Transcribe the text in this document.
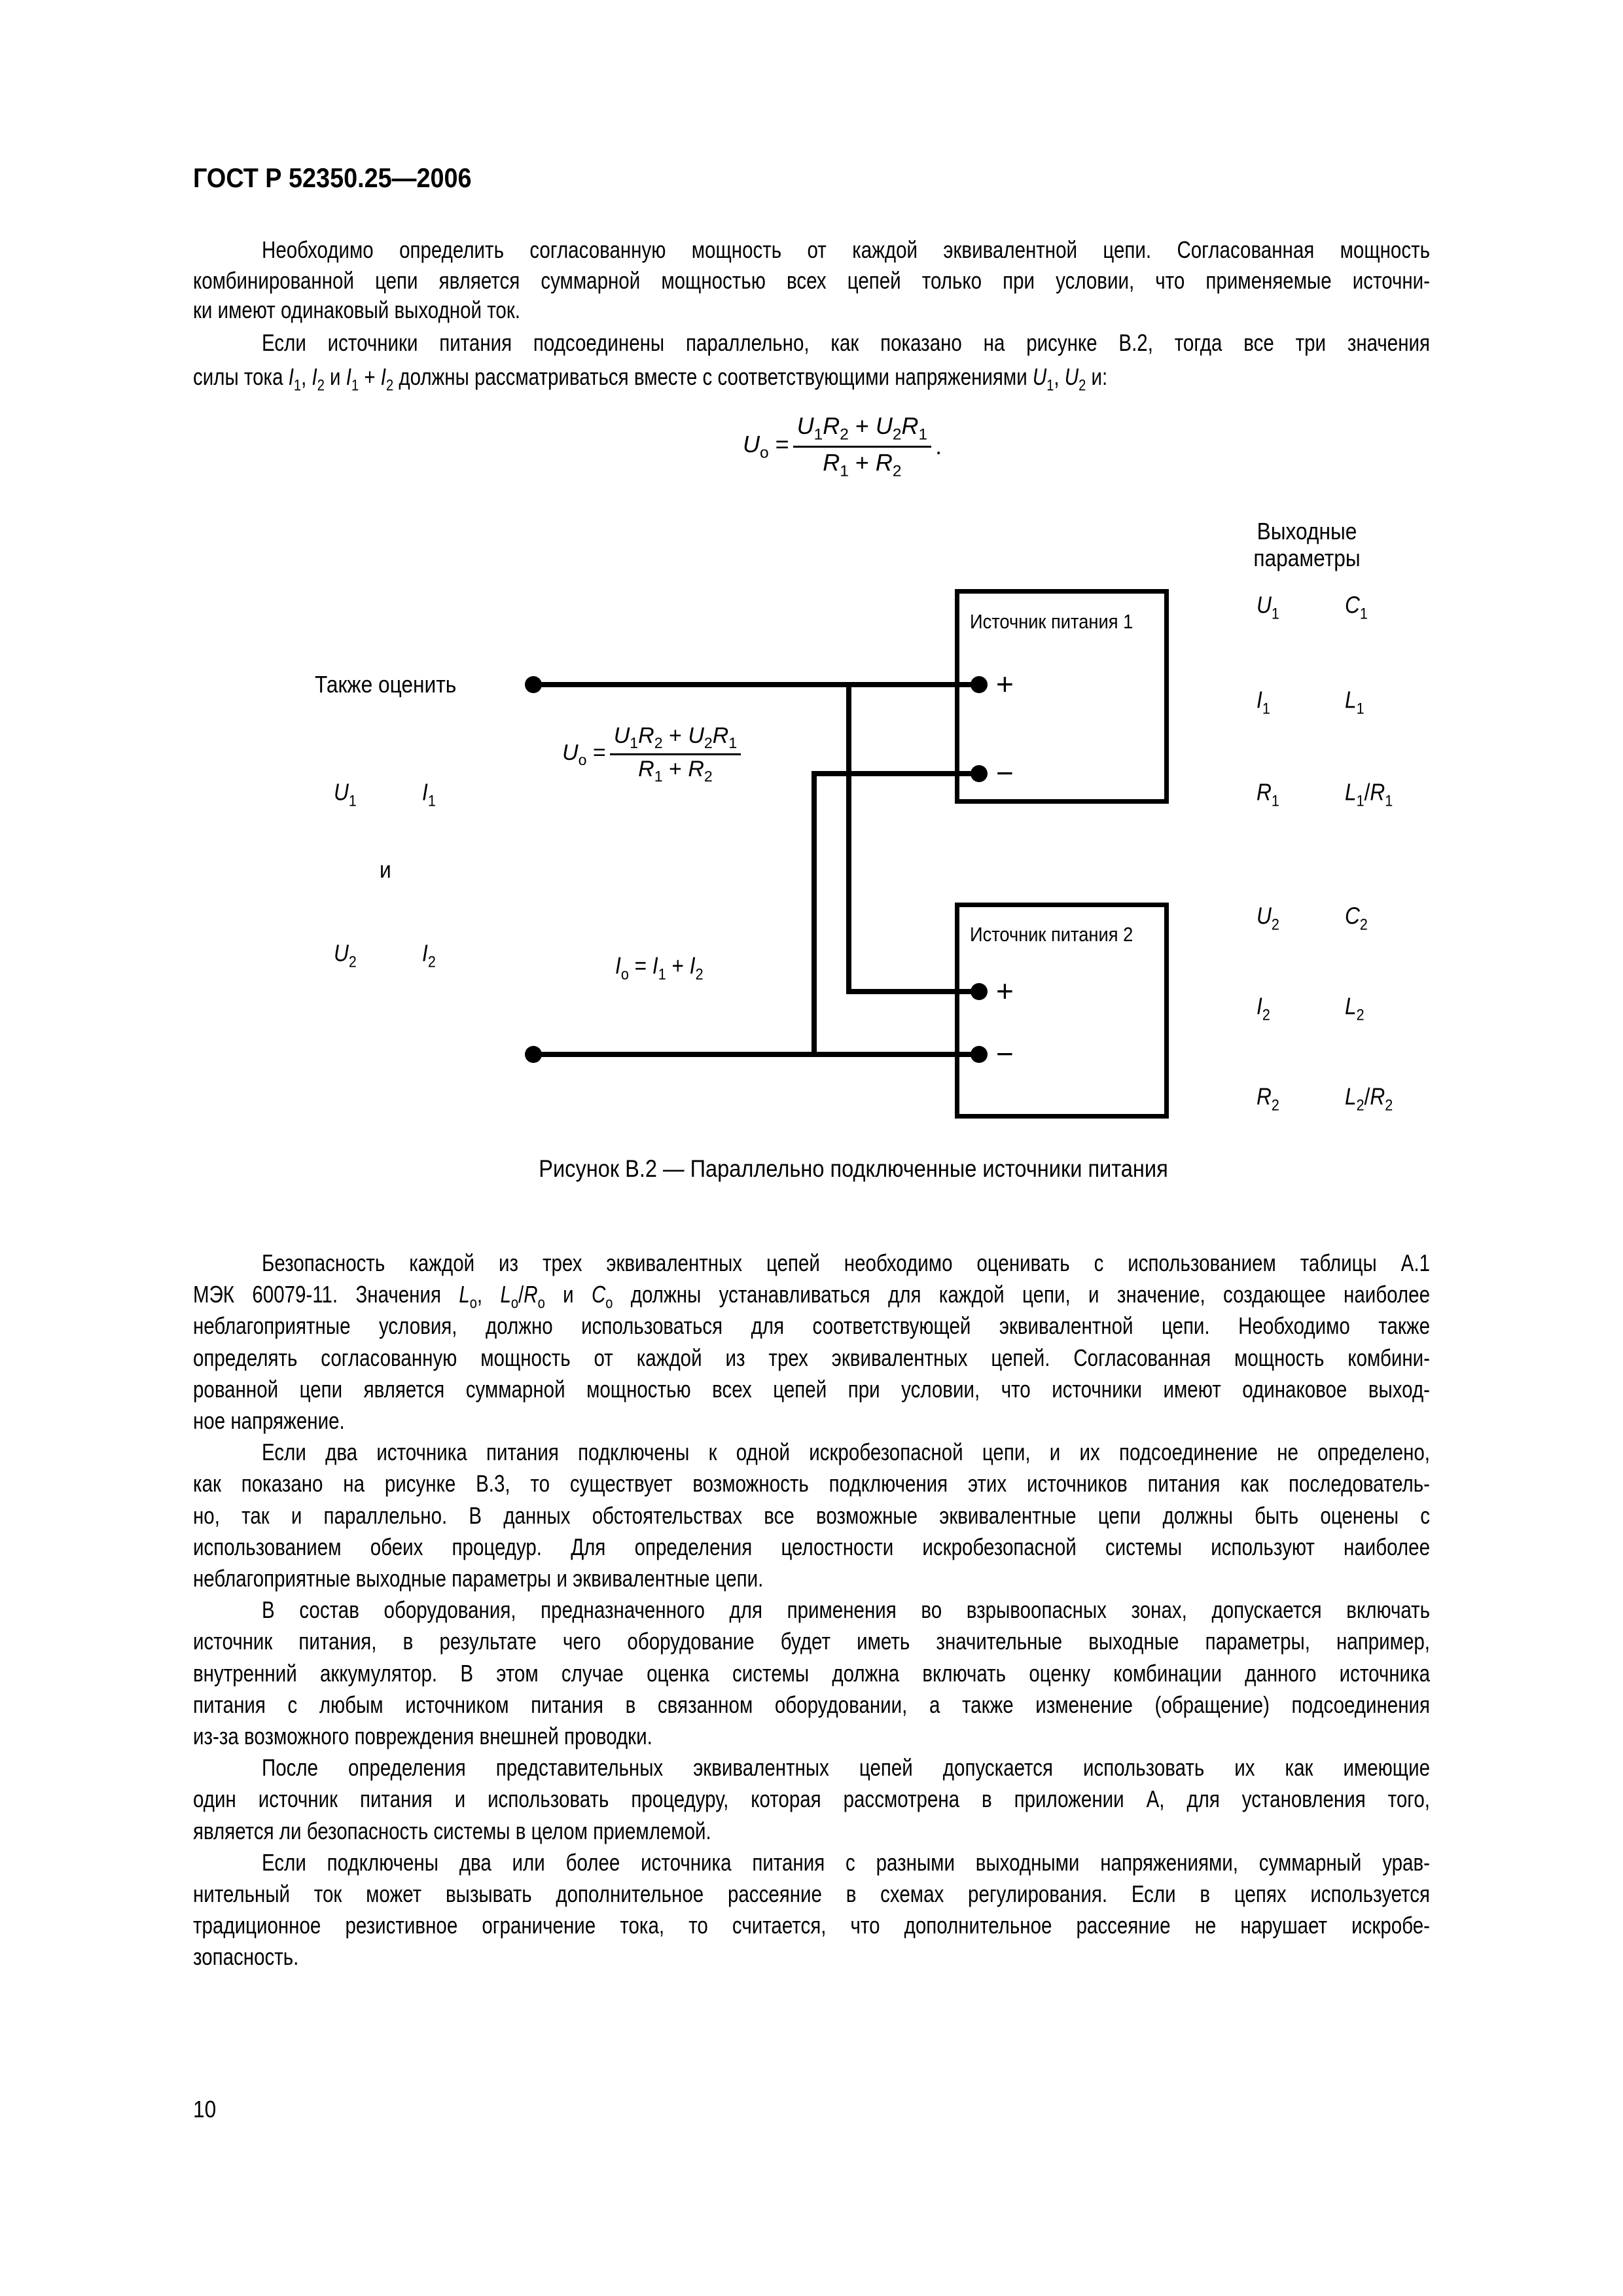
ГОСТ Р 52350.25—2006
Необходимо определить согласованную мощность от каждой эквивалентной цепи. Согласованная мощность
комбинированной цепи является суммарной мощностью всех цепей только при условии, что применяемые источни-
ки имеют одинаковый выходной ток.
Если источники питания подсоединены параллельно, как показано на рисунке В.2, тогда все три значения
силы тока $I_1$, $I_2$ и $I_1 + I_2$ должны рассматриваться вместе с соответствующими напряжениями $U_1$, $U_2$ и:
$U_o = \frac{U_1R_2 + U_2R_1}{R_1 + R_2}$ .
Источник питания 1
Источник питания 2
+
−
+
−
Также оценить
$U_1$	$I_1$
и
$U_2$	$I_2$
$U_o = \frac{U_1R_2 + U_2R_1}{R_1 + R_2}$
$I_o = I_1 + I_2$
Выходные
параметры
$U_1$	$C_1$
$I_1$	$L_1$
$R_1$	$L_1/R_1$
$U_2$	$C_2$
$I_2$	$L_2$
$R_2$	$L_2/R_2$
Рисунок В.2 — Параллельно подключенные источники питания
Безопасность каждой из трех эквивалентных цепей необходимо оценивать с использованием таблицы А.1
МЭК 60079-11. Значения $L_o$, $L_o/R_o$ и $C_o$ должны устанавливаться для каждой цепи, и значение, создающее наиболее
неблагоприятные условия, должно использоваться для соответствующей эквивалентной цепи. Необходимо также
определять согласованную мощность от каждой из трех эквивалентных цепей. Согласованная мощность комбини-
рованной цепи является суммарной мощностью всех цепей при условии, что источники имеют одинаковое выход-
ное напряжение.
Если два источника питания подключены к одной искробезопасной цепи, и их подсоединение не определено,
как показано на рисунке В.3, то существует возможность подключения этих источников питания как последователь-
но, так и параллельно. В данных обстоятельствах все возможные эквивалентные цепи должны быть оценены с
использованием обеих процедур. Для определения целостности искробезопасной системы используют наиболее
неблагоприятные выходные параметры и эквивалентные цепи.
В состав оборудования, предназначенного для применения во взрывоопасных зонах, допускается включать
источник питания, в результате чего оборудование будет иметь значительные выходные параметры, например,
внутренний аккумулятор. В этом случае оценка системы должна включать оценку комбинации данного источника
питания с любым источником питания в связанном оборудовании, а также изменение (обращение) подсоединения
из-за возможного повреждения внешней проводки.
После определения представительных эквивалентных цепей допускается использовать их как имеющие
один источник питания и использовать процедуру, которая рассмотрена в приложении А, для установления того,
является ли безопасность системы в целом приемлемой.
Если подключены два или более источника питания с разными выходными напряжениями, суммарный урав-
нительный ток может вызывать дополнительное рассеяние в схемах регулирования. Если в цепях используется
традиционное резистивное ограничение тока, то считается, что дополнительное рассеяние не нарушает искробе-
зопасность.
10
